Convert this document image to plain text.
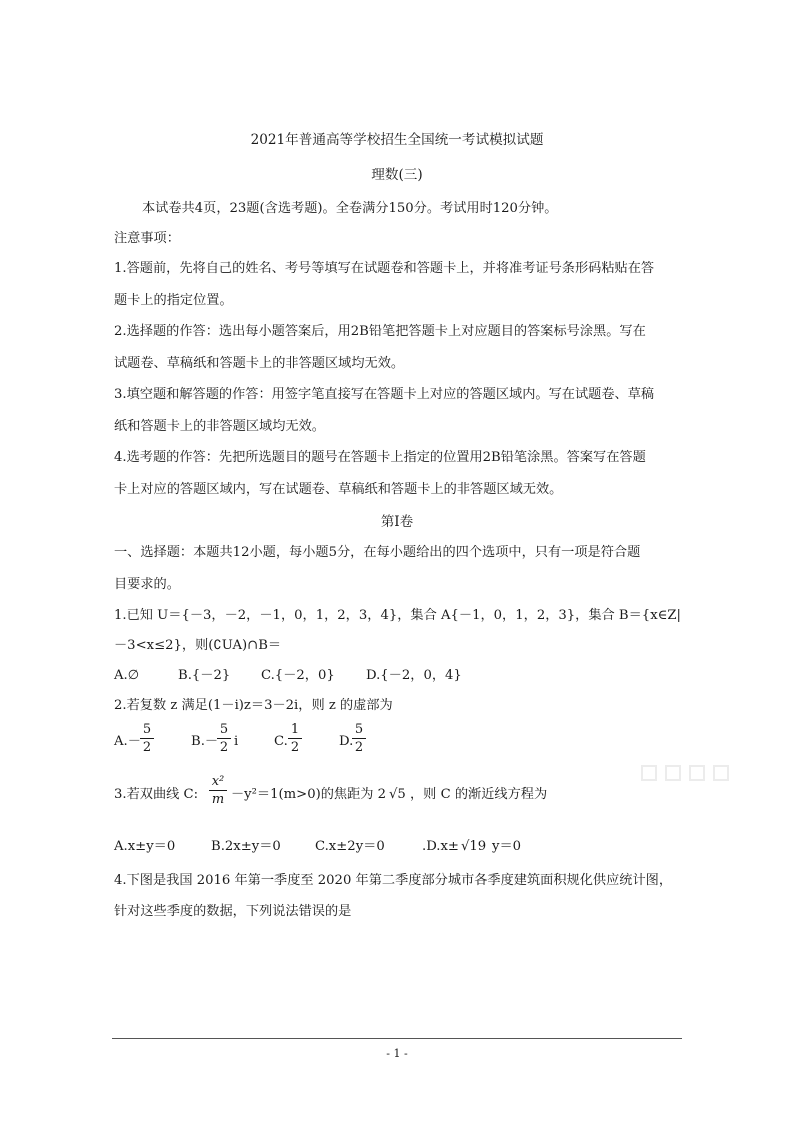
2021年普通高等学校招生全国统一考试模拟试题
理数(三)
本试卷共4页，23题(含选考题)。全卷满分150分。考试用时120分钟。
注意事项：
1.答题前，先将自己的姓名、考号等填写在试题卷和答题卡上，并将准考证号条形码粘贴在答
题卡上的指定位置。
2.选择题的作答：选出每小题答案后，用2B铅笔把答题卡上对应题目的答案标号涂黑。写在
试题卷、草稿纸和答题卡上的非答题区域均无效。
3.填空题和解答题的作答：用签字笔直接写在答题卡上对应的答题区域内。写在试题卷、草稿
纸和答题卡上的非答题区域均无效。
4.选考题的作答：先把所选题目的题号在答题卡上指定的位置用2B铅笔涂黑。答案写在答题
卡上对应的答题区域内，写在试题卷、草稿纸和答题卡上的非答题区域无效。
第Ⅰ卷
一、选择题：本题共12小题，每小题5分，在每小题给出的四个选项中，只有一项是符合题
目要求的。
1.已知 U＝{－3，－2，－1，0，1，2，3，4}，集合 A{－1，0，1，2，3}，集合 B＝{x∈Z|
－3<x≤2}，则(∁UA)∩B＝
A.∅	B.{－2} C.{－2，0} D.{－2，0，4}
2.若复数 z 满足(1－i)z＝3－2i，则 z 的虚部为
A.－
5
2	B.－
5
2 i	C.
1
2	D.
5
2
3.若双曲线 C:
x²
m －y²＝1(m>0)的焦距为 2 √5 ，则 C 的渐近线方程为
A.x±y＝0	B.2x±y＝0	C.x±2y＝0	.D.x± √19 y＝0
4.下图是我国 2016 年第一季度至 2020 年第二季度部分城市各季度建筑面积规化供应统计图，
针对这些季度的数据，下列说法错误的是
- 1 -
